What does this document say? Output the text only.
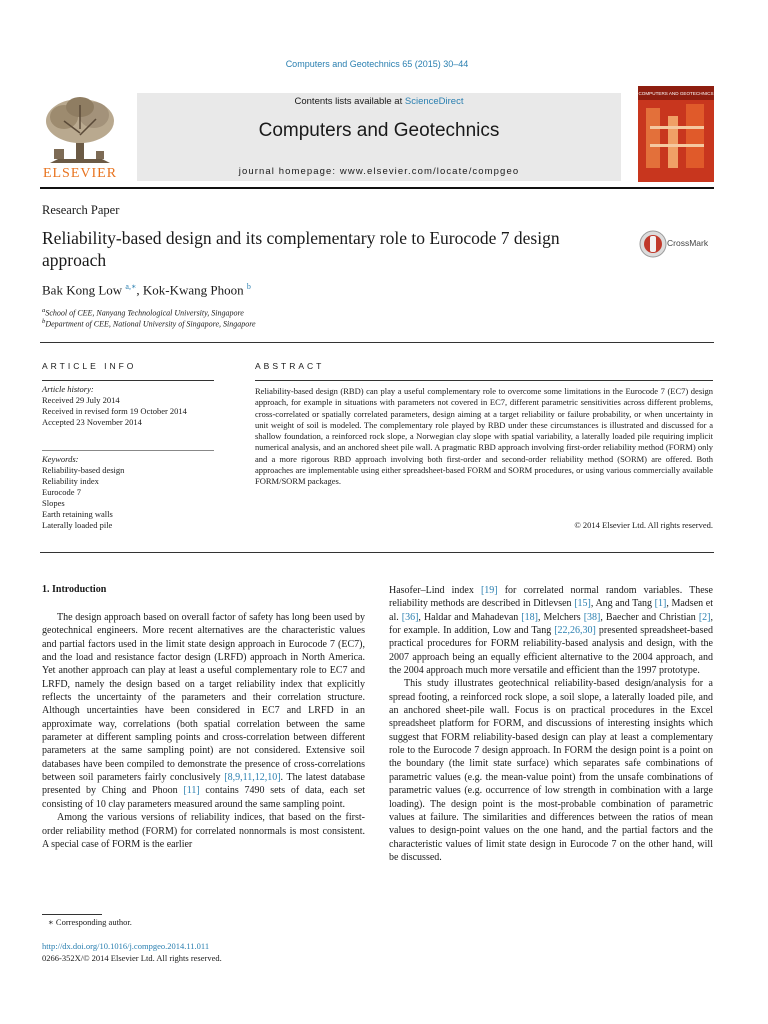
Computers and Geotechnics 65 (2015) 30–44
ELSEVIER
Contents lists available at ScienceDirect
Computers and Geotechnics
journal homepage: www.elsevier.com/locate/compgeo
COMPUTERS AND GEOTECHNICS
Research Paper
Reliability-based design and its complementary role to Eurocode 7 design approach
CrossMark
Bak Kong Low $^{a,∗}$, Kok-Kwang Phoon $^b$
$^a$School of CEE, Nanyang Technological University, Singapore
$^b$Department of CEE, National University of Singapore, Singapore
ARTICLE INFO
Article history:
Received 29 July 2014
Received in revised form 19 October 2014
Accepted 23 November 2014
Keywords:
Reliability-based design
Reliability index
Eurocode 7
Slopes
Earth retaining walls
Laterally loaded pile
ABSTRACT
Reliability-based design (RBD) can play a useful complementary role to overcome some limitations in the Eurocode 7 (EC7) design approach, for example in situations with parameters not covered in EC7, different parametric sensitivities across different problems, cross-correlated or spatially correlated parameters, design aiming at a target reliability or failure probability, or when uncertainty in unit weight of soil is modeled. The complementary role played by RBD under these circumstances is illustrated and discussed for a shallow foundation, a reinforced rock slope, a Norwegian clay slope with spatial variability, a laterally loaded pile requiring implicit numerical analysis, and an anchored sheet pile wall. A pragmatic RBD approach involving first-order reliability method (FORM) only and a more rigorous RBD approach involving both first-order and second-order reliability method (SORM) are offered. Both approaches are implementable using either spreadsheet-based FORM and SORM procedures, or using various commercially available FORM/SORM packages.
© 2014 Elsevier Ltd. All rights reserved.
1. Introduction

The design approach based on overall factor of safety has long been used by geotechnical engineers. More recent alternatives are the characteristic values and partial factors used in the limit state design approach in Eurocode 7 (EC7), and the load and resistance factor design (LRFD) approach in North America. Yet another approach can play at least a useful complementary role to EC7 and LRFD, namely the design based on a target reliability index that explicitly reflects the uncertainty of the parameters and their correlation structure. Although uncertainties have been considered in EC7 and LRFD in an approximate way, correlations (both spatial correlation between the same parameter at different sampling points and cross-correlation between different parameters at the same sampling point) are not considered. Extensive soil databases have been compiled to demonstrate the presence of cross-correlations between soil parameters fairly conclusively [8,9,11,12,10]. The latest database presented by Ching and Phoon [11] contains 7490 sets of data, each set consisting of 10 clay parameters measured around the same sampling point.

Among the various versions of reliability indices, that based on the first-order reliability method (FORM) for correlated nonnormals is most consistent. A special case of FORM is the earlier

Hasofer–Lind index [19] for correlated normal random variables. These reliability methods are described in Ditlevsen [15], Ang and Tang [1], Madsen et al. [36], Haldar and Mahadevan [18], Melchers [38], Baecher and Christian [2], for example. In addition, Low and Tang [22,26,30] presented spreadsheet-based practical procedures for FORM reliability-based analysis and design, with the 2007 approach being an equally efficient alternative to the 2004 approach, and the 2004 approach much more versatile and efficient than the 1997 prototype.

This study illustrates geotechnical reliability-based design/analysis for a spread footing, a reinforced rock slope, a soil slope, a laterally loaded pile, and an anchored sheet-pile wall. Focus is on practical procedures in the Excel spreadsheet platform for FORM, and discussions of interesting insights which suggest that FORM reliability-based design can play at least a complementary role to the Eurocode 7 design approach. In FORM the design point is a point on the boundary (the limit state surface) which separates safe combinations of parametric values (e.g. the mean-value point) from the unsafe combinations of parametric values (e.g. occurrence of low strength in combination with a large loading). The design point is the most-probable combination of parametric values at failure. The similarities and differences between the ratios of mean values to design-point values on the one hand, and the partial factors and the characteristic values of limit state design in Eurocode 7 on the other hand, will be discussed.

∗ Corresponding author.
http://dx.doi.org/10.1016/j.compgeo.2014.11.011
0266-352X/© 2014 Elsevier Ltd. All rights reserved.
